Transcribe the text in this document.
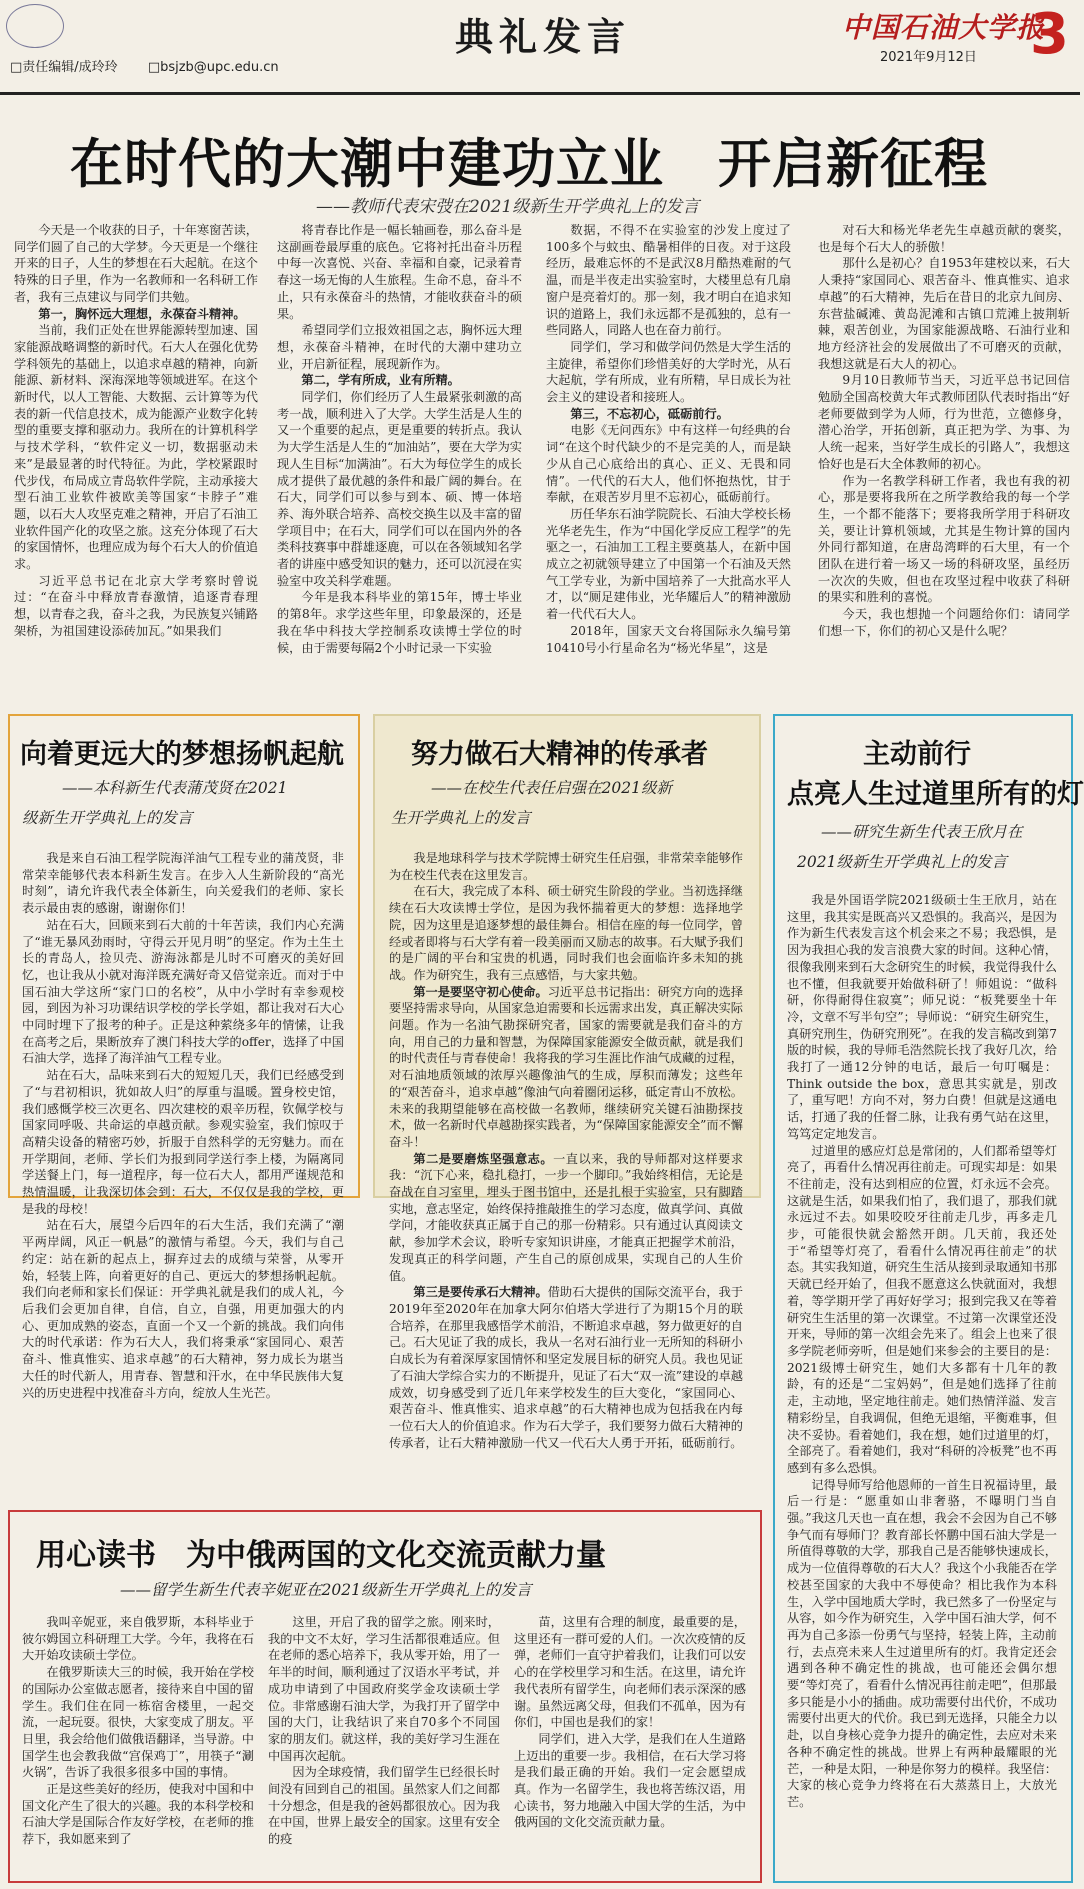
□责任编辑/成玲玲 □bsjzb@upc.edu.cn
典礼发言	中国石油大学报
2021年9月12日 3
在时代的大潮中建功立业　开启新征程
——教师代表宋弢在2021级新生开学典礼上的发言

今天是一个收获的日子，十年寒窗苦读，同学们圆了自己的大学梦。今天更是一个继往开来的日子，人生的梦想在石大起航。在这个特殊的日子里，作为一名教师和一名科研工作者，我有三点建议与同学们共勉。

第一，胸怀远大理想，永葆奋斗精神。

当前，我们正处在世界能源转型加速、国家能源战略调整的新时代。石大人在强化优势学科领先的基础上，以追求卓越的精神，向新能源、新材料、深海深地等领域进军。在这个新时代，以人工智能、大数据、云计算等为代表的新一代信息技术，成为能源产业数字化转型的重要支撑和驱动力。我所在的计算机科学与技术学科，“软件定义一切，数据驱动未来”是最显著的时代特征。为此，学校紧跟时代步伐，布局成立青岛软件学院，主动承接大型石油工业软件被欧美等国家“卡脖子”难题，以石大人攻坚克难之精神，开启了石油工业软件国产化的攻坚之旅。这充分体现了石大的家国情怀，也理应成为每个石大人的价值追求。

习近平总书记在北京大学考察时曾说过：“在奋斗中释放青春激情，追逐青春理想，以青春之我，奋斗之我，为民族复兴铺路架桥，为祖国建设添砖加瓦。”如果我们

将青春比作是一幅长轴画卷，那么奋斗是这副画卷最厚重的底色。它将衬托出奋斗历程中每一次喜悦、兴奋、幸福和自豪，记录着青春这一场无悔的人生旅程。生命不息，奋斗不止，只有永葆奋斗的热情，才能收获奋斗的硕果。

希望同学们立报效祖国之志，胸怀远大理想，永葆奋斗精神，在时代的大潮中建功立业，开启新征程，展现新作为。

第二，学有所成，业有所精。

同学们，你们经历了人生最紧张刺激的高考一战，顺利进入了大学。大学生活是人生的又一个重要的起点，更是重要的转折点。我认为大学生活是人生的“加油站”，要在大学为实现人生目标“加满油”。石大为每位学生的成长成才提供了最优越的条件和最广阔的舞台。在石大，同学们可以参与到本、硕、博一体培养、海外联合培养、高校交换生以及丰富的留学项目中；在石大，同学们可以在国内外的各类科技赛事中群雄逐鹿，可以在各领域知名学者的讲座中感受知识的魅力，还可以沉浸在实验室中攻关科学难题。

今年是我本科毕业的第15年，博士毕业的第8年。求学这些年里，印象最深的，还是我在华中科技大学控制系攻读博士学位的时候，由于需要每隔2个小时记录一下实验

数据，不得不在实验室的沙发上度过了100多个与蚊虫、酷暑相伴的日夜。对于这段经历，最难忘怀的不是武汉8月酷热难耐的气温，而是半夜走出实验室时，大楼里总有几扇窗户是亮着灯的。那一刻，我才明白在追求知识的道路上，我们永远都不是孤独的，总有一些同路人，同路人也在奋力前行。

同学们，学习和做学问仍然是大学生活的主旋律，希望你们珍惜美好的大学时光，从石大起航，学有所成，业有所精，早日成长为社会主义的建设者和接班人。

第三，不忘初心，砥砺前行。

电影《无问西东》中有这样一句经典的台词“在这个时代缺少的不是完美的人，而是缺少从自己心底给出的真心、正义、无畏和同情”。一代代的石大人，他们怀抱热忱，甘于奉献，在艰苦岁月里不忘初心，砥砺前行。

历任华东石油学院院长、石油大学校长杨光华老先生，作为“中国化学反应工程学”的先驱之一，石油加工工程主要奠基人，在新中国成立之初就领导建立了中国第一个石油及天然气工学专业，为新中国培养了一大批高水平人才，以“厕足建伟业，光华耀后人”的精神激励着一代代石大人。

2018年，国家天文台将国际永久编号第10410号小行星命名为“杨光华星”，这是

对石大和杨光华老先生卓越贡献的褒奖，也是每个石大人的骄傲！

那什么是初心？自1953年建校以来，石大人秉持“家国同心、艰苦奋斗、惟真惟实、追求卓越”的石大精神，先后在昔日的北京九间房、东营盐碱滩、黄岛泥滩和古镇口荒滩上披荆斩棘，艰苦创业，为国家能源战略、石油行业和地方经济社会的发展做出了不可磨灭的贡献，我想这就是石大人的初心。

9月10日教师节当天，习近平总书记回信勉励全国高校黄大年式教师团队代表时指出“好老师要做到学为人师，行为世范，立德修身，潜心治学，开拓创新，真正把为学、为事、为人统一起来，当好学生成长的引路人”，我想这恰好也是石大全体教师的初心。

作为一名教学科研工作者，我也有我的初心，那是要将我所在之所学教给我的每一个学生，一个都不能落下；要将我所学用于科研攻关，要让计算机领域，尤其是生物计算的国内外同行都知道，在唐岛湾畔的石大里，有一个团队在进行着一场又一场的科研攻坚，虽经历一次次的失败，但也在攻坚过程中收获了科研的果实和胜利的喜悦。

今天，我也想抛一个问题给你们：请同学们想一下，你们的初心又是什么呢？

向着更远大的梦想扬帆起航
——本科新生代表蒲茂贤在2021
级新生开学典礼上的发言

我是来自石油工程学院海洋油气工程专业的蒲茂贤，非常荣幸能够代表本科新生发言。在步入人生新阶段的“高光时刻”，请允许我代表全体新生，向关爱我们的老师、家长表示最由衷的感谢，谢谢你们！

站在石大，回顾来到石大前的十年苦读，我们内心充满了“谁无暴风劲雨时，守得云开见月明”的坚定。作为土生土长的青岛人，捡贝壳、游海泳都是儿时不可磨灭的美好回忆，也让我从小就对海洋既充满好奇又倍觉亲近。而对于中国石油大学这所“家门口的名校”，从中小学时有幸参观校园，到因为补习功课结识学校的学长学姐，都让我对石大心中同时埋下了报考的种子。正是这种萦绕多年的情愫，让我在高考之后，果断放弃了澳门科技大学的offer，选择了中国石油大学，选择了海洋油气工程专业。

站在石大，品味来到石大的短短几天，我们已经感受到了“与君初相识，犹如故人归”的厚重与温暖。置身校史馆，我们感慨学校三次更名、四次建校的艰辛历程，钦佩学校与国家同呼吸、共命运的卓越贡献。参观实验室，我们惊叹于高精尖设备的精密巧妙，折服于自然科学的无穷魅力。而在开学期间，老师、学长们为报到同学送行李上楼，为隔离同学送餐上门，每一道程序，每一位石大人，都用严谨规范和热情温暖，让我深切体会到：石大，不仅仅是我的学校，更是我的母校！

站在石大，展望今后四年的石大生活，我们充满了“潮平两岸阔，风正一帆悬”的激情与希望。今天，我们与自己约定：站在新的起点上，摒弃过去的成绩与荣誉，从零开始，轻装上阵，向着更好的自己、更远大的梦想扬帆起航。我们向老师和家长们保证：开学典礼就是我们的成人礼，今后我们会更加自律，自信，自立，自强，用更加强大的内心、更加成熟的姿态，直面一个又一个新的挑战。我们向伟大的时代承诺：作为石大人，我们将秉承“家国同心、艰苦奋斗、惟真惟实、追求卓越”的石大精神，努力成长为堪当大任的时代新人，用青春、智慧和汗水，在中华民族伟大复兴的历史进程中找准奋斗方向，绽放人生光芒。

努力做石大精神的传承者
——在校生代表任启强在2021级新
生开学典礼上的发言

我是地球科学与技术学院博士研究生任启强，非常荣幸能够作为在校生代表在这里发言。

在石大，我完成了本科、硕士研究生阶段的学业。当初选择继续在石大攻读博士学位，是因为我怀揣着更大的梦想：选择地学院，因为这里是追逐梦想的最佳舞台。相信在座的每一位同学，曾经或者即将与石大学有着一段美丽而又励志的故事。石大赋予我们的是广阔的平台和宝贵的机遇，同时我们也会面临许多未知的挑战。作为研究生，我有三点感悟，与大家共勉。

第一是要坚守初心使命。习近平总书记指出：研究方向的选择要坚持需求导向，从国家急迫需要和长远需求出发，真正解决实际问题。作为一名油气勘探研究者，国家的需要就是我们奋斗的方向，用自己的力量和智慧，为保障国家能源安全做贡献，就是我们的时代责任与青春使命！我将我的学习生涯比作油气成藏的过程，对石油地质领域的浓厚兴趣像油气的生成，厚积而薄发；这些年的“艰苦奋斗，追求卓越”像油气向着圈闭运移，砥定青山不放松。未来的我期望能够在高校做一名教师，继续研究关键石油勘探技术，做一名新时代卓越勘探实践者，为“保障国家能源安全”而不懈奋斗！

第二是要磨炼坚强意志。一直以来，我的导师都对这样要求我：“沉下心来，稳扎稳打，一步一个脚印。”我始终相信，无论是奋战在自习室里，埋头于图书馆中，还是扎根于实验室，只有脚踏实地，意志坚定，始终保持推敲推生的学习态度，做真学问、真做学问，才能收获真正属于自己的那一份精彩。只有通过认真阅读文献，参加学术会议，聆听专家知识讲座，才能真正把握学术前沿，发现真正的科学问题，产生自己的原创成果，实现自己的人生价值。

第三是要传承石大精神。借助石大提供的国际交流平台，我于2019年至2020年在加拿大阿尔伯塔大学进行了为期15个月的联合培养，在那里我感悟学术前沿，不断追求卓越，努力做更好的自己。石大见证了我的成长，我从一名对石油行业一无所知的科研小白成长为有着深厚家国情怀和坚定发展目标的研究人员。我也见证了石油大学综合实力的不断提升，见证了石大“双一流”建设的卓越成效，切身感受到了近几年来学校发生的巨大变化，“家国同心、艰苦奋斗、惟真惟实、追求卓越”的石大精神也成为包括我在内每一位石大人的价值追求。作为石大学子，我们要努力做石大精神的传承者，让石大精神激励一代又一代石大人勇于开拓，砥砺前行。

主动前行
点亮人生过道里所有的灯
——研究生新生代表王欣月在
2021级新生开学典礼上的发言

我是外国语学院2021级硕士生王欣月，站在这里，我其实是既高兴又恐惧的。我高兴，是因为作为新生代表发言这个机会来之不易；我恐惧，是因为我担心我的发言浪费大家的时间。这种心情，很像我刚来到石大念研究生的时候，我觉得我什么也不懂，但我就要开始做科研了！师姐说：“做科研，你得耐得住寂寞”；师兄说：“板凳要坐十年冷，文章不写半句空”；导师说：“研究生研究生，真研究刑生，伪研究刑死”。在我的发言稿改到第7版的时候，我的导师毛浩然院长找了我好几次，给我打了一通12分钟的电话，最后一句叮嘱是：Think outside the box，意思其实就是，别改了，重写吧！方向不对，努力白费！但就是这通电话，打通了我的任督二脉，让我有勇气站在这里，笃笃定定地发言。

过道里的感应灯总是常闭的，人们都希望等灯亮了，再看什么情况再往前走。可现实却是：如果不往前走，没有达到相应的位置，灯永远不会亮。这就是生活，如果我们怕了，我们退了，那我们就永远过不去。如果咬咬牙往前走几步，再多走几步，可能很快就会豁然开朗。几天前，我还处于“希望等灯亮了，看看什么情况再往前走”的状态。其实我知道，研究生生活从接到录取通知书那天就已经开始了，但我不愿意这么快就面对，我想着，等学期开学了再好好学习；报到完我又在等着研究生生活里的第一次课堂。不过第一次课堂还没开来，导师的第一次组会先来了。组会上也来了很多学院老师旁听，但是她们来参会的主要目的是：2021级博士研究生，她们大多都有十几年的教龄，有的还是“二宝妈妈”，但是她们选择了往前走，主动地，坚定地往前走。她们热情洋溢、发言精彩纷呈，自我调侃，但绝无退缩，平衡难事，但决不妥协。看着她们，我在想，她们过道里的灯，全部亮了。看着她们，我对“科研的冷板凳”也不再感到有多么恐惧。

记得导师写给他恩师的一首生日祝福诗里，最后一行是：“愿重如山非奢骆，不曝明门当自强。”我这几天也一直在想，我会不会因为自己不够争气而有辱师门？教育部长怀鹏中国石油大学是一所值得尊敬的大学，那我自己是否能够快速成长，成为一位值得尊敬的石大人？我这个小我能否在学校甚至国家的大我中不辱使命？相比我作为本科生，入学中国地质大学时，我已然多了一份坚定与从容，如今作为研究生，入学中国石油大学，何不再为自己多添一份勇气与坚持，轻装上阵，主动前行，去点亮未来人生过道里所有的灯。我肯定还会遇到各种不确定性的挑战，也可能还会偶尔想要“等灯亮了，看看什么情况再往前走吧”，但那最多只能是小小的插曲。成功需要付出代价，不成功需要付出更大的代价。我已到无选择，只能全力以赴，以自身核心竞争力提升的确定性，去应对未来各种不确定性的挑战。世界上有两种最耀眼的光芒，一种是太阳，一种是你努力的模样。我坚信：大家的核心竞争力终将在石大蒸蒸日上，大放光芒。

用心读书　为中俄两国的文化交流贡献力量
——留学生新生代表辛妮亚在2021级新生开学典礼上的发言

我叫辛妮亚，来自俄罗斯，本科毕业于彼尔姆国立科研理工大学。今年，我将在石大开始攻读硕士学位。

在俄罗斯读大三的时候，我开始在学校的国际办公室做志愿者，接待来自中国的留学生。我们住在同一栋宿舍楼里，一起交流，一起玩耍。很快，大家变成了朋友。平日里，我会给他们做俄语翻译，当导游。中国学生也会教我做“宫保鸡丁”，用筷子“涮火锅”，告诉了我很多很多中国的事情。

正是这些美好的经历，使我对中国和中国文化产生了很大的兴趣。我的本科学校和石油大学是国际合作友好学校，在老师的推荐下，我如愿来到了

这里，开启了我的留学之旅。刚来时，我的中文不太好，学习生活都很难适应。但在老师的悉心培养下，我从零开始，用了一年半的时间，顺利通过了汉语水平考试，并成功申请到了中国政府奖学金攻读硕士学位。非常感谢石油大学，为我打开了留学中国的大门，让我结识了来自70多个不同国家的朋友们。就这样，我的美好学习生涯在中国再次起航。

因为全球疫情，我们留学生已经很长时间没有回到自己的祖国。虽然家人们之间都十分想念，但是我的爸妈都很放心。因为我在中国，世界上最安全的国家。这里有安全的疫

苗，这里有合理的制度，最重要的是，这里还有一群可爱的人们。一次次疫情的反弹，老师们一直守护着我们，让我们可以安心的在学校里学习和生活。在这里，请允许我代表所有留学生，向老师们表示深深的感谢。虽然远离父母，但我们不孤单，因为有你们，中国也是我们的家！

同学们，进入大学，是我们在人生道路上迈出的重要一步。我相信，在石大学习将是我们最正确的开始。我们一定会愿望成真。作为一名留学生，我也将苦练汉语，用心读书，努力地融入中国大学的生活，为中俄两国的文化交流贡献力量。
